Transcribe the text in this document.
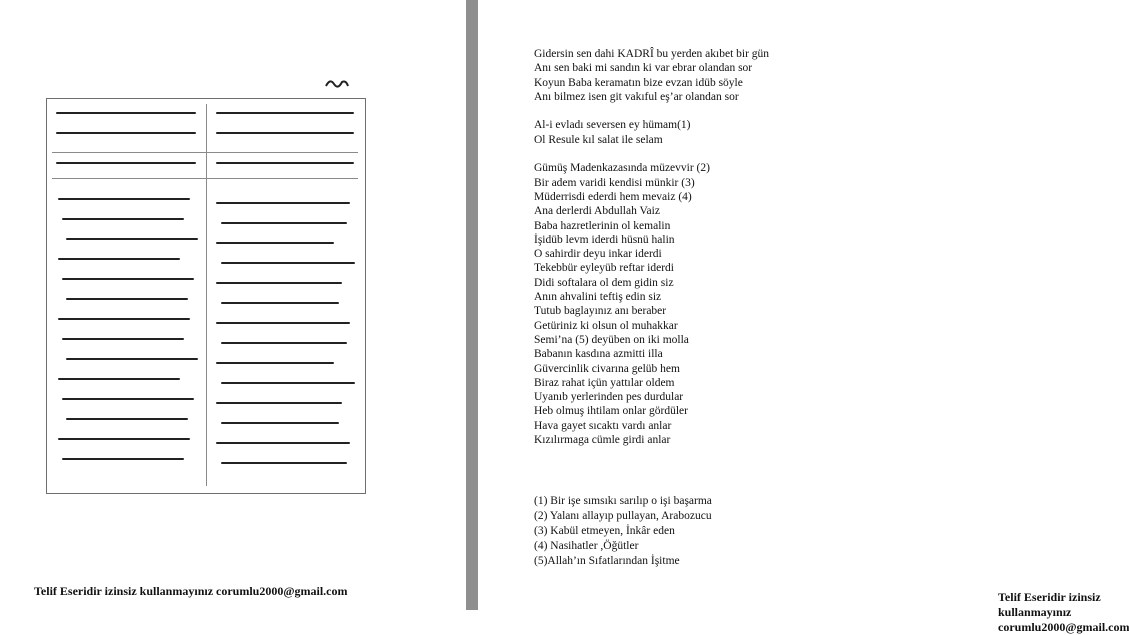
Telif Eseridir izinsiz kullanmayınız corumlu2000@gmail.com
Gidersin sen dahi KADRÎ bu yerden akıbet bir gün
Anı sen baki mi sandın ki var ebrar olandan sor
Koyun Baba keramatın bize evzan idüb söyle
Anı bilmez isen git vakıful eş’ar olandan sor
Al-i evladı seversen ey hümam(1)
Ol Resule kıl salat ile selam
Gümüş Madenkazasında müzevvir (2)
Bir adem varidi kendisi münkir (3)
Müderrisdi ederdi hem mevaiz (4)
Ana derlerdi Abdullah Vaiz
Baba hazretlerinin ol kemalin
İşidüb levm iderdi hüsnü halin
O sahirdir deyu inkar iderdi
Tekebbür eyleyüb reftar iderdi
Didi softalara ol dem gidin siz
Anın ahvalini teftiş edin siz
Tutub baglayınız anı beraber
Getüriniz ki olsun ol muhakkar
Semi’na (5) deyüben on iki molla
Babanın kasdına azmitti illa
Güvercinlik civarına gelüb hem
Biraz rahat içün yattılar oldem
Uyanıb yerlerinden pes durdular
Heb olmuş ihtilam onlar gördüler
Hava gayet sıcaktı vardı anlar
Kızılırmaga cümle girdi anlar
(1) Bir işe sımsıkı sarılıp o işi başarma
(2) Yalanı allayıp pullayan, Arabozucu
(3) Kabül etmeyen, İnkâr eden
(4) Nasihatler ,Öğütler
(5)Allah’ın Sıfatlarından İşitme
Telif Eseridir izinsiz kullanmayınız corumlu2000@gmail.com
